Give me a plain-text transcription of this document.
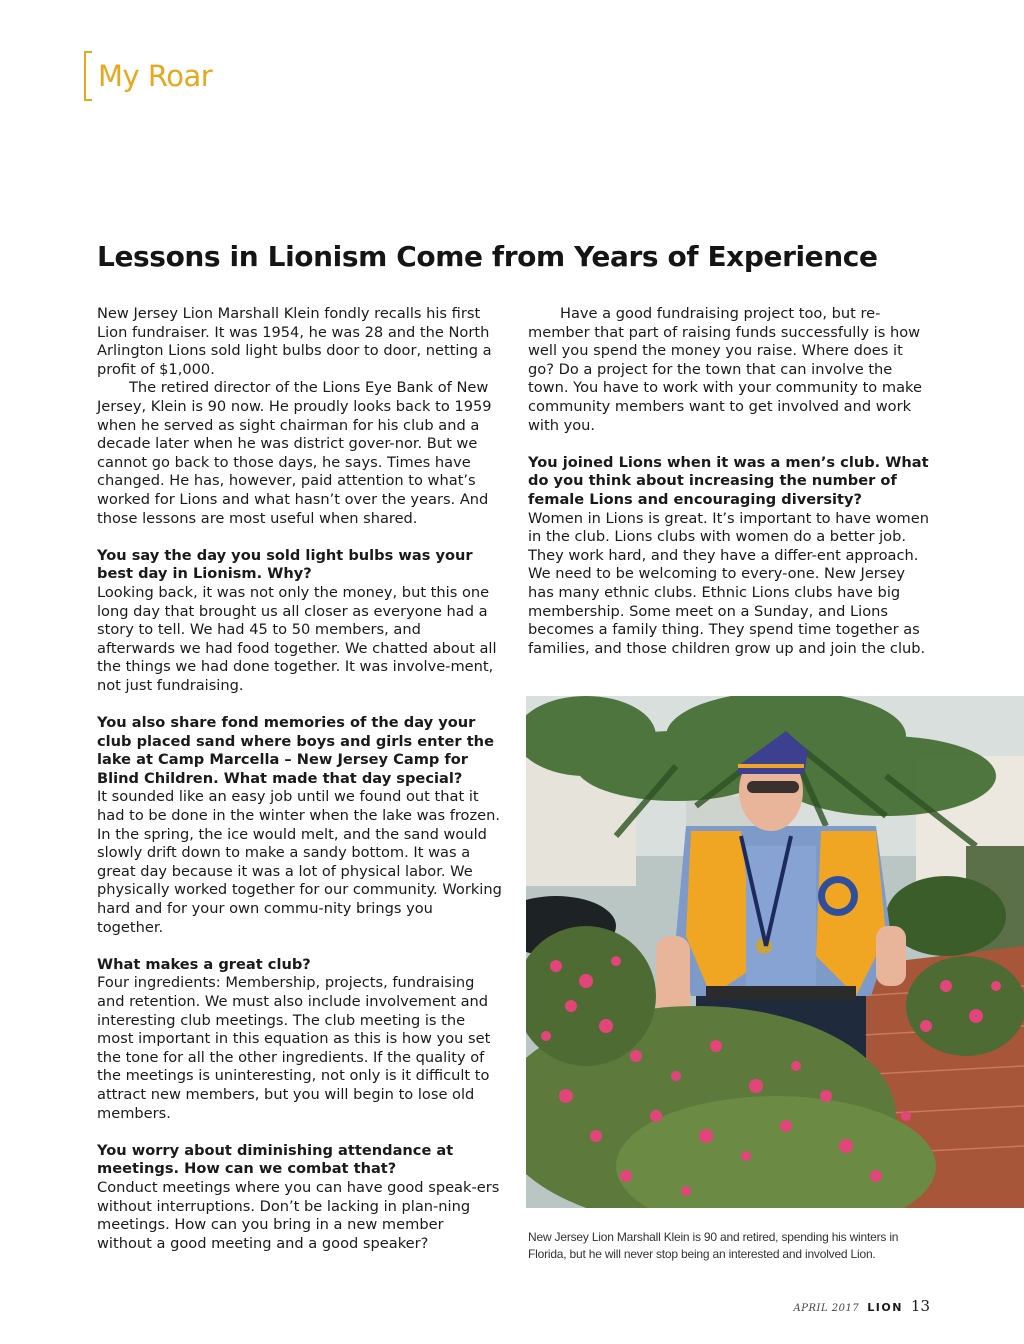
My Roar
Lessons in Lionism Come from Years of Experience

New Jersey Lion Marshall Klein fondly recalls his first Lion fundraiser. It was 1954, he was 28 and the North Arlington Lions sold light bulbs door to door, netting a profit of $1,000.

The retired director of the Lions Eye Bank of New Jersey, Klein is 90 now. He proudly looks back to 1959 when he served as sight chairman for his club and a decade later when he was district gover-nor. But we cannot go back to those days, he says. Times have changed. He has, however, paid attention to what’s worked for Lions and what hasn’t over the years. And those lessons are most useful when shared.

You say the day you sold light bulbs was your best day in Lionism. Why?

Looking back, it was not only the money, but this one long day that brought us all closer as everyone had a story to tell. We had 45 to 50 members, and afterwards we had food together. We chatted about all the things we had done together. It was involve-ment, not just fundraising.

You also share fond memories of the day your club placed sand where boys and girls enter the lake at Camp Marcella – New Jersey Camp for Blind Children. What made that day special?

It sounded like an easy job until we found out that it had to be done in the winter when the lake was frozen. In the spring, the ice would melt, and the sand would slowly drift down to make a sandy bottom. It was a great day because it was a lot of physical labor. We physically worked together for our community. Working hard and for your own commu-nity brings you together.

What makes a great club?

Four ingredients: Membership, projects, fundraising and retention. We must also include involvement and interesting club meetings. The club meeting is the most important in this equation as this is how you set the tone for all the other ingredients. If the quality of the meetings is uninteresting, not only is it difficult to attract new members, but you will begin to lose old members.

You worry about diminishing attendance at meetings. How can we combat that?

Conduct meetings where you can have good speak-ers without interruptions. Don’t be lacking in plan-ning meetings. How can you bring in a new member without a good meeting and a good speaker?

Have a good fundraising project too, but re-member that part of raising funds successfully is how well you spend the money you raise. Where does it go? Do a project for the town that can involve the town. You have to work with your community to make community members want to get involved and work with you.

You joined Lions when it was a men’s club. What do you think about increasing the number of female Lions and encouraging diversity?

Women in Lions is great. It’s important to have women in the club. Lions clubs with women do a better job. They work hard, and they have a differ-ent approach. We need to be welcoming to every-one. New Jersey has many ethnic clubs. Ethnic Lions clubs have big membership. Some meet on a Sunday, and Lions becomes a family thing. They spend time together as families, and those children grow up and join the club.

New Jersey Lion Marshall Klein is 90 and retired, spending his winters in Florida, but he will never stop being an interested and involved Lion.

APRIL 2017 LION 13
